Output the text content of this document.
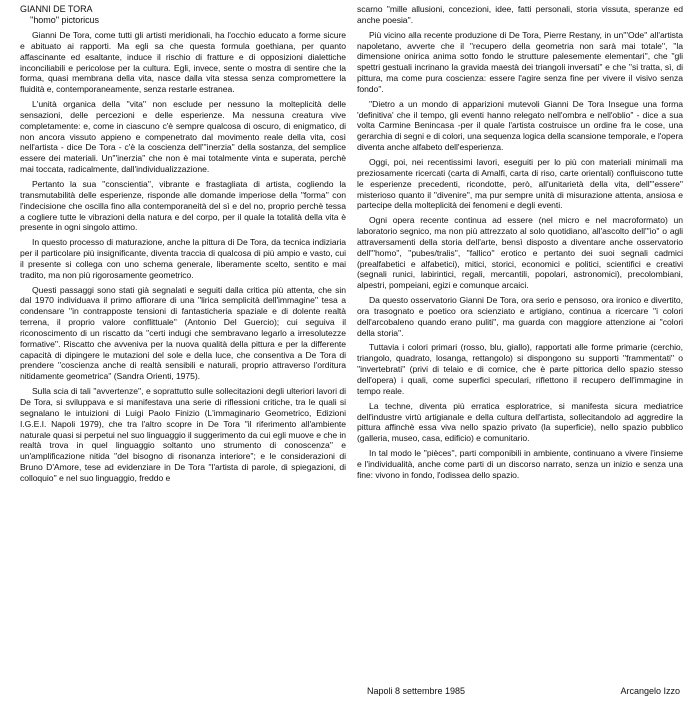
GIANNI DE TORA
''homo'' pictoricus

Gianni De Tora, come tutti gli artisti meridionali, ha l'occhio educato a forme sicure e abituato ai rapporti. Ma egli sa che questa formula goethiana, per quanto affascinante ed esaltante, induce il rischio di fratture e di opposizioni dialettiche inconciliabili e pericolose per la cultura. Egli, invece, sente o mostra di sentire che la forma, quasi membrana della vita, nasce dalla vita stessa senza compromettere la fluidità e, contemporaneamente, senza restarle estranea.

L'unità organica della ''vita'' non esclude per nessuno la molteplicità delle sensazioni, delle percezioni e delle esperienze. Ma nessuna creatura vive completamente: e, come in ciascuno c'è sempre qualcosa di oscuro, di enigmatico, di non ancora vissuto appieno e compenetrato dal movimento reale della vita, così nell'artista - dice De Tora - c'è la coscienza dell'''inerzia'' della sostanza, del semplice essere dei materiali. Un'''inerzia'' che non è mai totalmente vinta e superata, perchè mai toccata, radicalmente, dall'individualizzazione.

Pertanto la sua ''conscientia'', vibrante e frastagliata di artista, cogliendo la transmutabilità delle esperienze, risponde alle domande imperiose della ''forma'' con l'indecisione che oscilla fino alla contemporaneità del sì e del no, proprio perchè tessa a cogliere tutte le vibrazioni della natura e del corpo, per il quale la totalità della vita è presente in ogni singolo attimo.

In questo processo di maturazione, anche la pittura di De Tora, da tecnica indiziaria per il particolare più insignificante, diventa traccia di qualcosa di più ampio e vasto, cui il presente si collega con uno schema generale, liberamente scelto, sentito e mai tradito, ma non più rigorosamente geometrico.

Questi passaggi sono stati già segnalati e seguiti dalla critica più attenta, che sin dal 1970 individuava il primo affiorare di una ''lirica semplicità dell'immagine'' tesa a condensare ''in contrapposte tensioni di fantasticheria spaziale e di dolente realtà terrena, il proprio valore conflittuale'' (Antonio Del Guercio); cui seguiva il riconoscimento di un riscatto da ''certi indugi che sembravano legarlo a irresolutezze formative''. Riscatto che avveniva per la nuova qualità della pittura e per la differente capacità di dipingere le mutazioni del sole e della luce, che consentiva a De Tora di prendere ''coscienza anche di realtà sensibili e naturali, proprio attraverso l'orditura nitidamente geometrica'' (Sandra Orienti, 1975).

Sulla scia di tali ''avvertenze'', e soprattutto sulle sollecitazioni degli ulteriori lavori di De Tora, si sviluppava e si manifestava una serie di riflessioni critiche, tra le quali si segnalano le intuizioni di Luigi Paolo Finizio (L'immaginario Geometrico, Edizioni I.G.E.I. Napoli 1979), che tra l'altro scopre in De Tora ''il riferimento all'ambiente naturale quasi si perpetui nel suo linguaggio il suggerimento da cui egli muove e che in realtà trova in quel linguaggio soltanto uno strumento di conoscenza'' e un'amplificazione nitida ''del bisogno di risonanza interiore''; e le considerazioni di Bruno D'Amore, tese ad evidenziare in De Tora ''l'artista di parole, di spiegazioni, di colloquio'' e nel suo linguaggio, freddo e

scarno ''mille allusioni, concezioni, idee, fatti personali, storia vissuta, speranze ed anche poesia''.

Più vicino alla recente produzione di De Tora, Pierre Restany, in un'''Ode'' all'artista napoletano, avverte che il ''recupero della geometria non sarà mai totale'', ''la dimensione onirica anima sotto fondo le strutture palesemente elementari'', che ''gli spettri gestuali incrinano la gravida maestà dei triangoli inversati'' e che ''si tratta, sì, di pittura, ma come pura coscienza: essere l'agire senza fine per vivere il visivo senza fondo''.

''Dietro a un mondo di apparizioni mutevoli Gianni De Tora Insegue una forma 'definitiva' che il tempo, gli eventi hanno relegato nell'ombra e nell'oblio'' - dice a sua volta Carmine Benincasa -per il quale l'artista costruisce un ordine fra le cose, una gerarchia di segni e di colori, una sequenza logica della scansione temporale, e l'opera diventa anche alfabeto dell'esperienza.

Oggi, poi, nei recentissimi lavori, eseguiti per lo più con materiali minimali ma preziosamente ricercati (carta di Amalfi, carta di riso, carte orientali) confluiscono tutte le esperienze precedenti, ricondotte, però, all'unitarietà della vita, dell'''essere'' misterioso quanto il ''divenire'', ma pur sempre unità di misurazione attenta, ansiosa e partecipe della molteplicità dei fenomeni e degli eventi.

Ogni opera recente continua ad essere (nel micro e nel macroformato) un laboratorio segnico, ma non più attrezzato al solo quotidiano, all'ascolto dell'''io'' o agli attraversamenti della storia dell'arte, bensì disposto a diventare anche osservatorio dell'''homo'', ''pubes/tralis'', ''fallico'' erotico e pertanto dei suoi segnali cadmici (prealfabetici e alfabetici), mitici, storici, economici e politici, scientifici e creativi (segnali runici, labirintici, regali, mercantili, popolari, astronomici), precolombiani, alpestri, pompeiani, egizi e comunque arcaici.

Da questo osservatorio Gianni De Tora, ora serio e pensoso, ora ironico e divertito, ora trasognato e poetico ora scienziato e artigiano, continua a ricercare ''i colori dell'arcobaleno quando erano puliti'', ma guarda con maggiore attenzione ai ''colori della storia''.

Tuttavia i colori primari (rosso, blu, giallo), rapportati alle forme primarie (cerchio, triangolo, quadrato, losanga, rettangolo) si dispongono su supporti ''frammentati'' o ''invertebrati'' (privi di telaio e di cornice, che è parte pittorica dello spazio stesso dell'opera) i quali, come superfici speculari, riflettono il recupero dell'immagine in tempo reale.

La techne, diventa più erratica esploratrice, si manifesta sicura mediatrice dell'industre virtù artigianale e della cultura dell'artista, sollecitandolo ad aggredire la pittura affinchè essa viva nello spazio privato (la superficie), nello spazio pubblico (galleria, museo, casa, edificio) e comunitario.

In tal modo le ''pièces'', parti componibili in ambiente, continuano a vivere l'insieme e l'individualità, anche come parti di un discorso narrato, senza un inizio e senza una fine: vivono in fondo, l'odissea dello spazio.

Napoli 8 settembre 1985	Arcangelo Izzo
